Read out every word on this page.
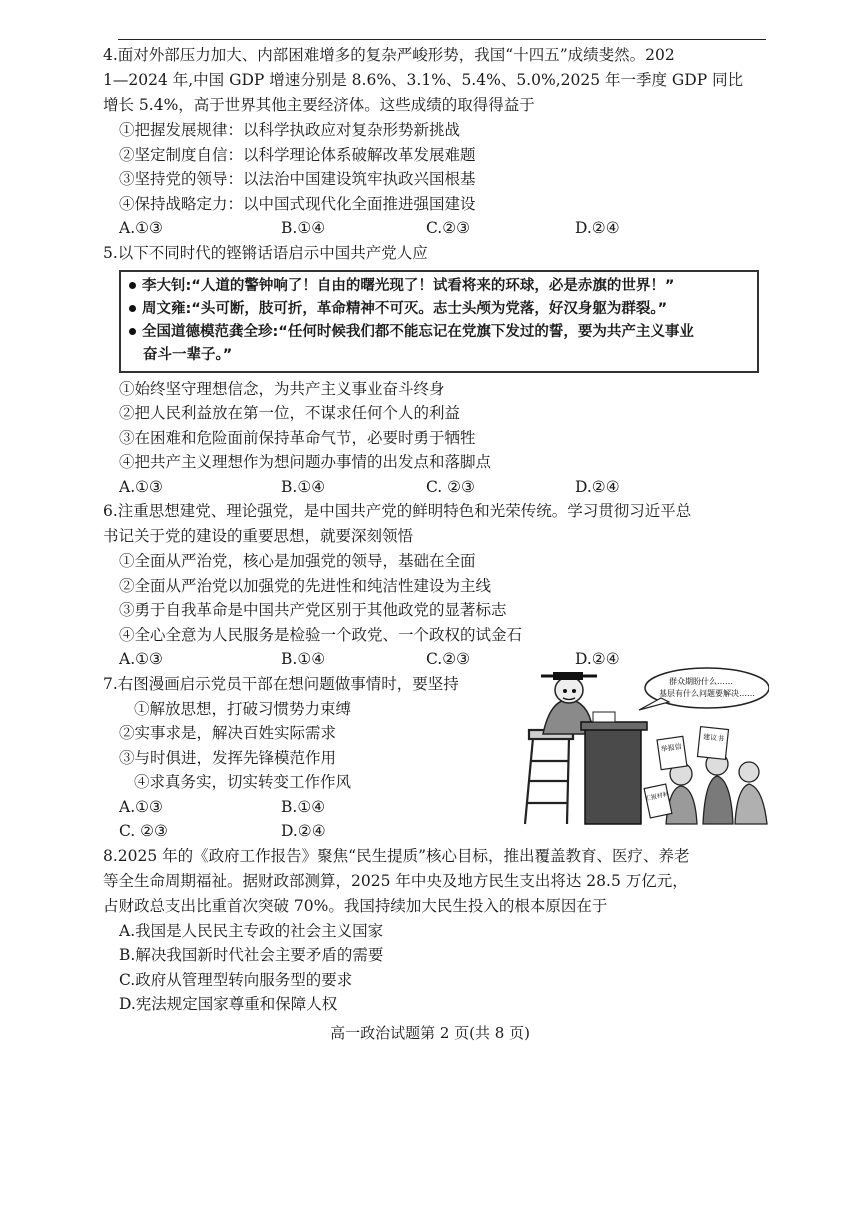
4.面对外部压力加大、内部困难增多的复杂严峻形势，我国“十四五”成绩斐然。202
1—2024 年,中国 GDP 增速分别是 8.6%、3.1%、5.4%、5.0%,2025 年一季度 GDP 同比
增长 5.4%，高于世界其他主要经济体。这些成绩的取得得益于
①把握发展规律：以科学执政应对复杂形势新挑战
②坚定制度自信：以科学理论体系破解改革发展难题
③坚持党的领导：以法治中国建设筑牢执政兴国根基
④保持战略定力：以中国式现代化全面推进强国建设
A.①③	B.①④	C.②③	D.②④
5.以下不同时代的铿锵话语启示中国共产党人应
李大钊:“人道的警钟响了！自由的曙光现了！试看将来的环球，必是赤旗的世界！”
周文雍:“头可断，肢可折，革命精神不可灭。志士头颅为党落，好汉身躯为群裂。”
全国道德模范龚全珍:“任何时候我们都不能忘记在党旗下发过的誓，要为共产主义事业
奋斗一辈子。”
①始终坚守理想信念，为共产主义事业奋斗终身
②把人民利益放在第一位，不谋求任何个人的利益
③在困难和危险面前保持革命气节，必要时勇于牺牲
④把共产主义理想作为想问题办事情的出发点和落脚点
A.①③	B.①④	C. ②③	D.②④
6.注重思想建党、理论强党，是中国共产党的鲜明特色和光荣传统。学习贯彻习近平总
书记关于党的建设的重要思想，就要深刻领悟
①全面从严治党，核心是加强党的领导，基础在全面
②全面从严治党以加强党的先进性和纯洁性建设为主线
③勇于自我革命是中国共产党区别于其他政党的显著标志
④全心全意为人民服务是检验一个政党、一个政权的试金石
A.①③	B.①④	C.②③	D.②④
7.右图漫画启示党员干部在想问题做事情时，要坚持
①解放思想，打破习惯势力束缚
②实事求是，解决百姓实际需求
③与时俱进，发挥先锋模范作用
④求真务实，切实转变工作作风
A.①③	B.①④
C. ②③	D.②④
群众期盼什么……
基层有什么问题要解决……
举报信
建议书
汇报材料
8.2025 年的《政府工作报告》聚焦“民生提质”核心目标，推出覆盖教育、医疗、养老
等全生命周期福祉。据财政部测算，2025 年中央及地方民生支出将达 28.5 万亿元，
占财政总支出比重首次突破 70%。我国持续加大民生投入的根本原因在于
A.我国是人民民主专政的社会主义国家
B.解决我国新时代社会主要矛盾的需要
C.政府从管理型转向服务型的要求
D.宪法规定国家尊重和保障人权
高一政治试题第 2 页(共 8 页)
